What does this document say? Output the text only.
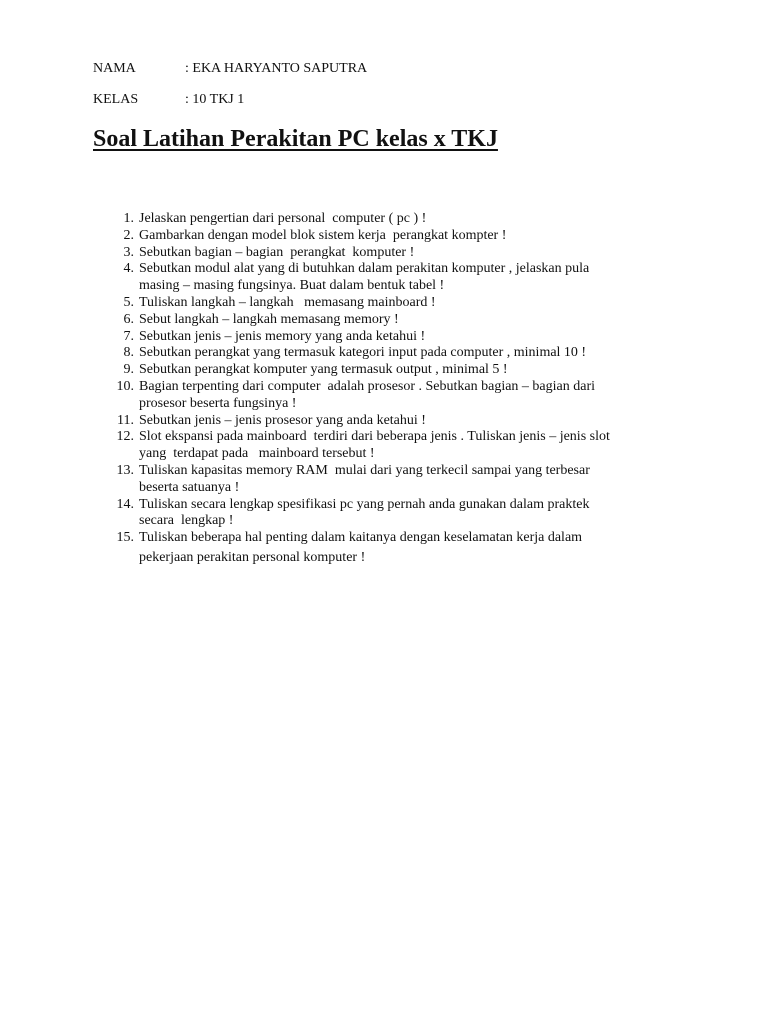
NAMA	: EKA HARYANTO SAPUTRA
KELAS	: 10 TKJ 1
Soal Latihan Perakitan PC kelas x TKJ
1. Jelaskan pengertian dari personal  computer ( pc ) !
2. Gambarkan dengan model blok sistem kerja  perangkat kompter !
3. Sebutkan bagian – bagian  perangkat  komputer !
4. Sebutkan modul alat yang di butuhkan dalam perakitan komputer , jelaskan pula
masing – masing fungsinya. Buat dalam bentuk tabel !
5. Tuliskan langkah – langkah   memasang mainboard !
6. Sebut langkah – langkah memasang memory !
7. Sebutkan jenis – jenis memory yang anda ketahui !
8. Sebutkan perangkat yang termasuk kategori input pada computer , minimal 10 !
9. Sebutkan perangkat komputer yang termasuk output , minimal 5 !
10. Bagian terpenting dari computer  adalah prosesor . Sebutkan bagian – bagian dari
prosesor beserta fungsinya !
11. Sebutkan jenis – jenis prosesor yang anda ketahui !
12. Slot ekspansi pada mainboard  terdiri dari beberapa jenis . Tuliskan jenis – jenis slot
yang  terdapat pada   mainboard tersebut !
13. Tuliskan kapasitas memory RAM  mulai dari yang terkecil sampai yang terbesar
beserta satuanya !
14. Tuliskan secara lengkap spesifikasi pc yang pernah anda gunakan dalam praktek
secara  lengkap !
15. Tuliskan beberapa hal penting dalam kaitanya dengan keselamatan kerja dalam
pekerjaan perakitan personal komputer !
